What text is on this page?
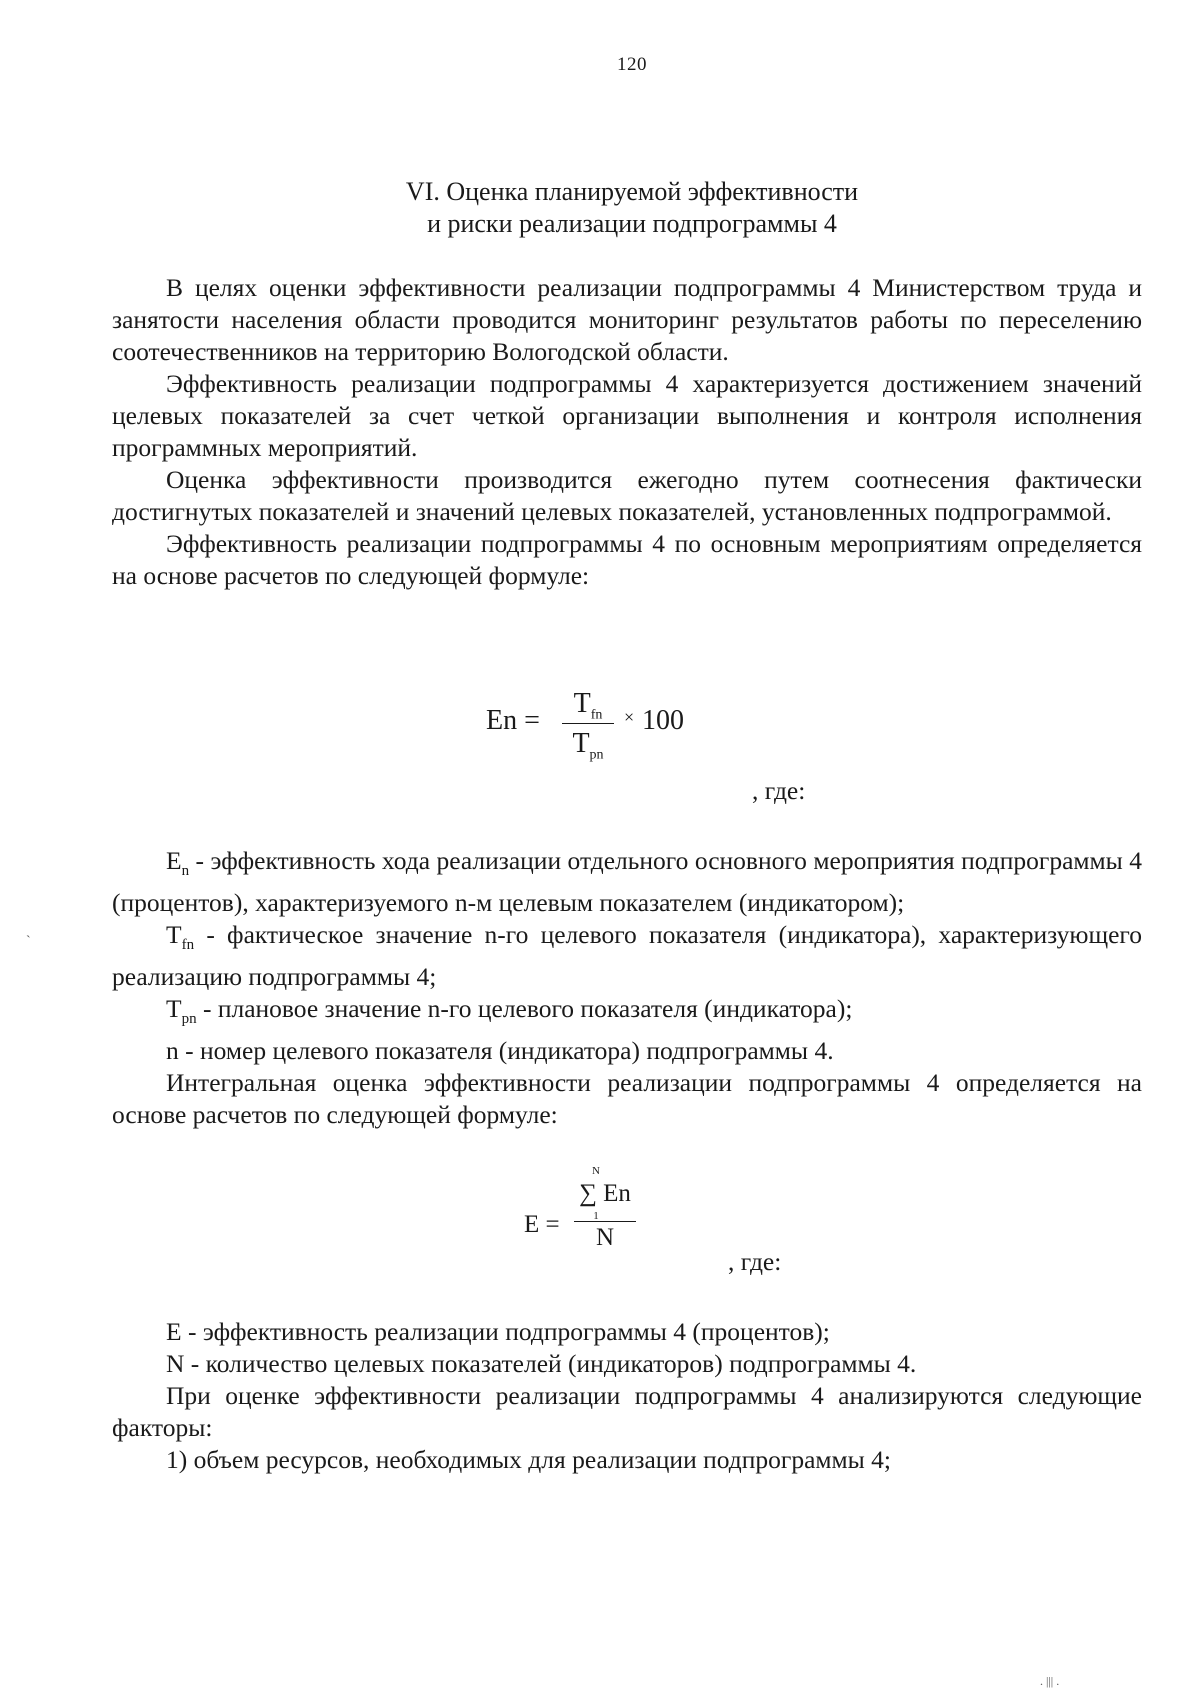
120
VI. Оценка планируемой эффективности
и риски реализации подпрограммы 4

В целях оценки эффективности реализации подпрограммы 4 Министерством труда и занятости населения области проводится мониторинг результатов работы по переселению соотечественников на территорию Вологодской области.

Эффективность реализации подпрограммы 4 характеризуется достижением значений целевых показателей за счет четкой организации выполнения и контроля исполнения программных мероприятий.

Оценка эффективности производится ежегодно путем соотнесения фактически достигнутых показателей и значений целевых показателей, установленных подпрограммой.

Эффективность реализации подпрограммы 4 по основным мероприятиям определяется на основе расчетов по следующей формуле:

En =
$T_{fn}$
$T_{pn}$
× 100
, где:

$E_n$ - эффективность хода реализации отдельного основного мероприятия подпрограммы 4 (процентов), характеризуемого n-м целевым показателем (индикатором);

$T_{fn}$ - фактическое значение n-го целевого показателя (индикатора), характеризующего реализацию подпрограммы 4;

$T_{pn}$ - плановое значение n-го целевого показателя (индикатора);

n - номер целевого показателя (индикатора) подпрограммы 4.

Интегральная оценка эффективности реализации подпрограммы 4 определяется на основе расчетов по следующей формуле:

E =
N
∑ En
1
N
, где:

E - эффективность реализации подпрограммы 4 (процентов);

N - количество целевых показателей (индикаторов) подпрограммы 4.

При оценке эффективности реализации подпрограммы 4 анализируются следующие факторы:

1) объем ресурсов, необходимых для реализации подпрограммы 4;

`
. ||| .
